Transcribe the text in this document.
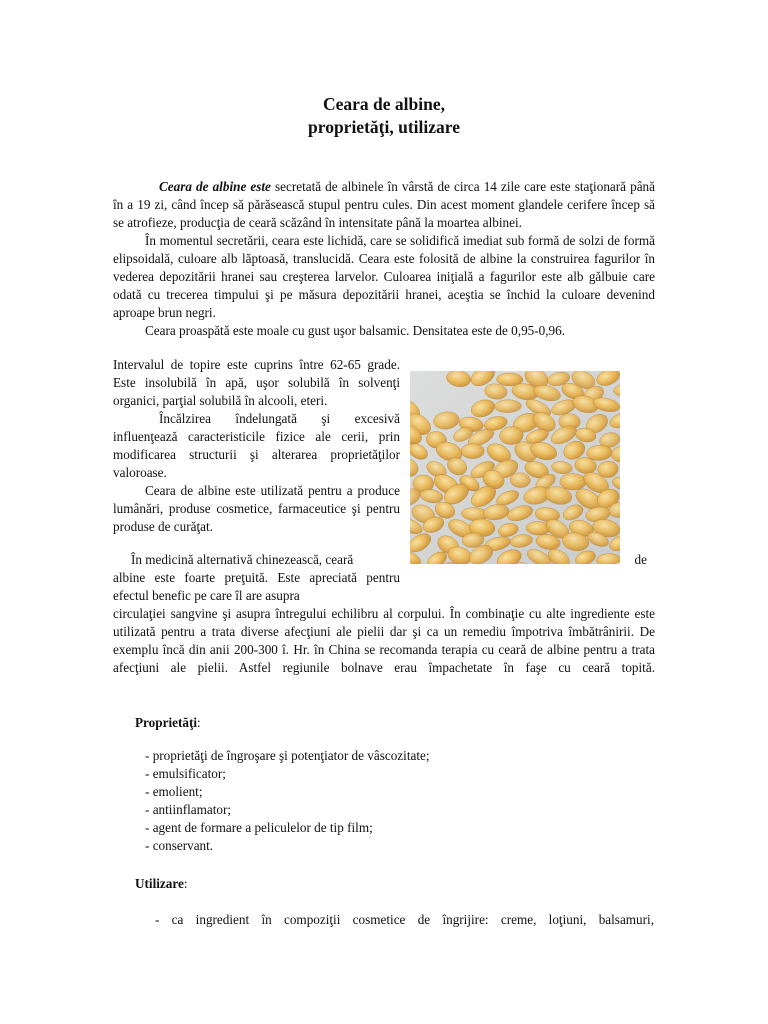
Ceara de albine,
proprietăţi, utilizare

Ceara de albine este secretată de albinele în vârstă de circa 14 zile care este staţionară până în a 19 zi, când încep să părăsească stupul pentru cules. Din acest moment glandele cerifere încep să se atrofieze, producţia de ceară scăzând în intensitate până la moartea albinei.

În momentul secretării, ceara este lichidă, care se solidifică imediat sub formă de solzi de formă elipsoidală, culoare alb lăptoasă, translucidă. Ceara este folosită de albine la construirea fagurilor în vederea depozitării hranei sau creşterea larvelor. Culoarea iniţială a fagurilor este alb gălbuie care odată cu trecerea timpului şi pe măsura depozitării hranei, aceştia se închid la culoare devenind aproape brun negri.

Ceara proaspătă este moale cu gust uşor balsamic. Densitatea este de 0,95-0,96.

Intervalul de topire este cuprins între 62-65 grade. Este insolubilă în apă, uşor solubilă în solvenţi organici, parţial solubilă în alcooli, eteri.

Încălzirea îndelungată şi excesivă influenţează caracteristicile fizice ale cerii, prin modificarea structurii şi alterarea proprietăţilor valoroase.

Ceara de albine este utilizată pentru a produce lumânări, produse cosmetice, farmaceutice şi pentru produse de curăţat.

În medicină alternativă chinezească, ceară	de

albine este foarte preţuită. Este apreciată pentru efectul benefic pe care îl are asupra

circulaţiei sangvine şi asupra întregului echilibru al corpului. În combinaţie cu alte ingrediente este utilizată pentru a trata diverse afecţiuni ale pielii dar şi ca un remediu împotriva îmbătrânirii. De exemplu încă din anii 200-300 î. Hr. în China se recomanda terapia cu ceară de albine pentru a trata afecţiuni ale pielii. Astfel regiunile bolnave erau împachetate în faşe cu ceară topită.

Proprietăţi:
- proprietăţi de îngroşare şi potenţiator de vâscozitate;
- emulsificator;
- emolient;
- antiinflamator;
- agent de formare a peliculelor de tip film;
- conservant.
Utilizare:
- ca ingredient în compoziţii cosmetice de îngrijire: creme, loţiuni, balsamuri,
